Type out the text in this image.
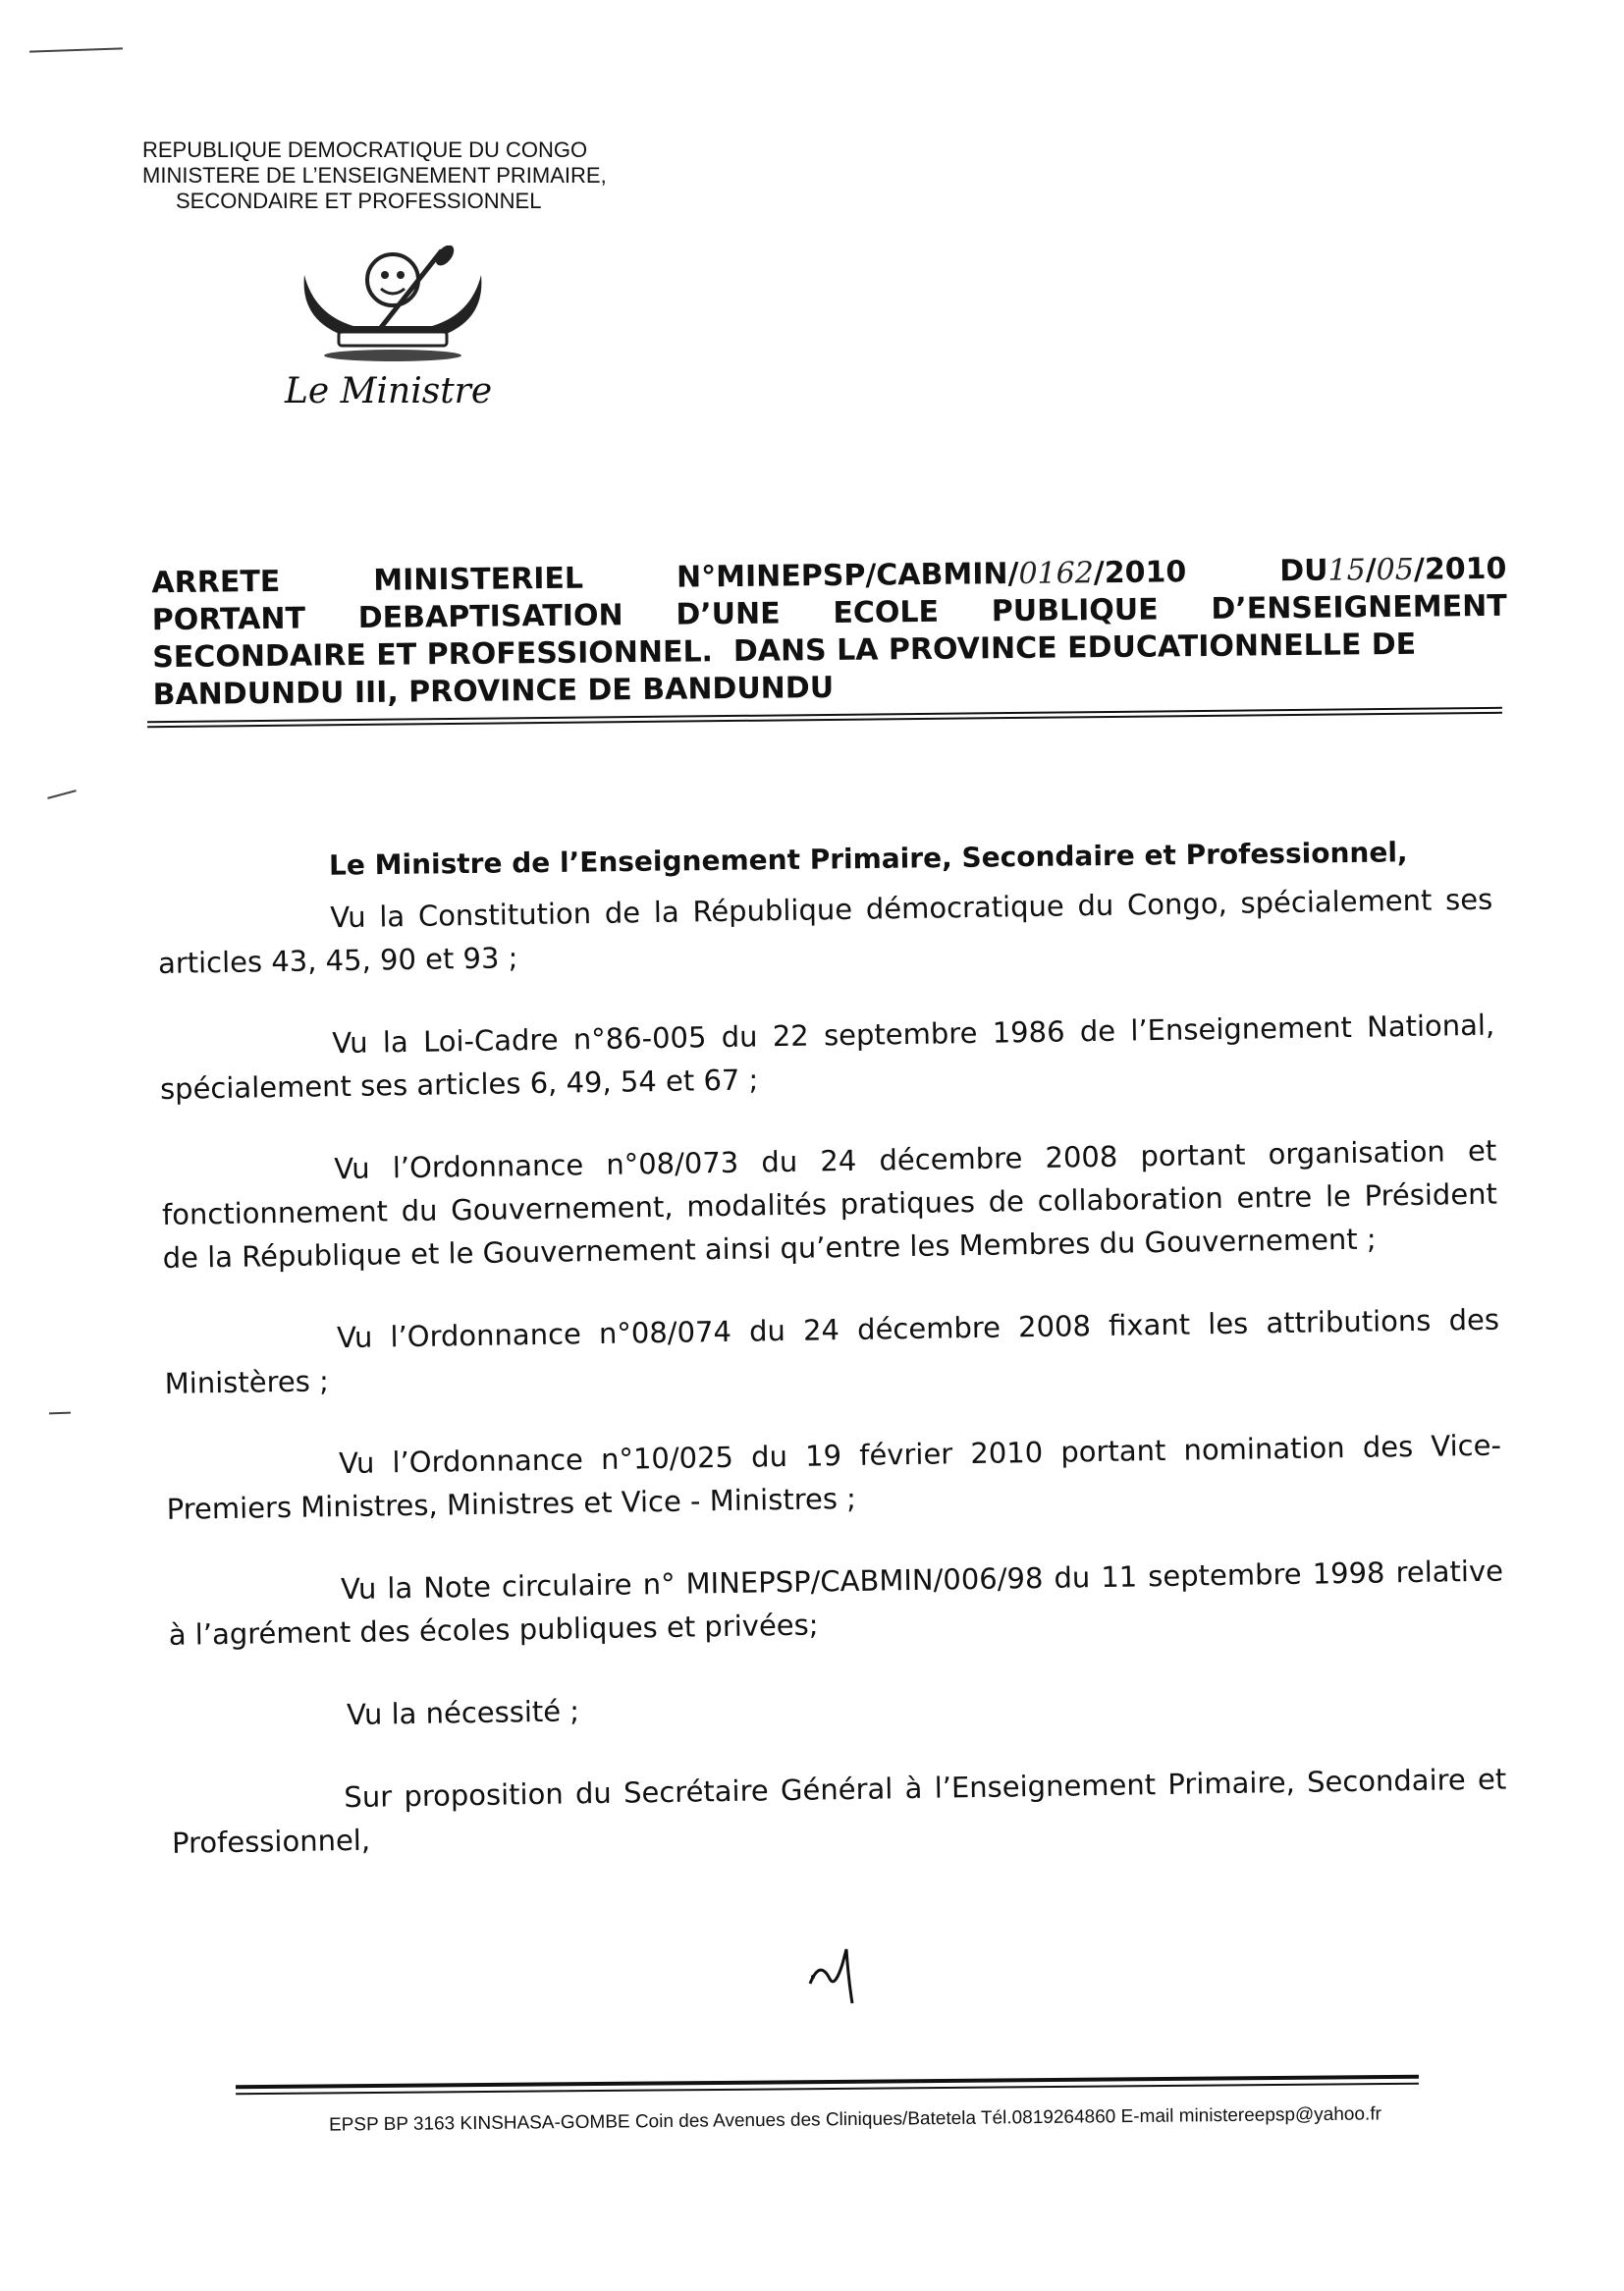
REPUBLIQUE DEMOCRATIQUE DU CONGO
MINISTERE DE L’ENSEIGNEMENT PRIMAIRE,
SECONDAIRE ET PROFESSIONNEL
Le Ministre
ARRETE	MINISTERIEL	N°MINEPSP/CABMIN/0162/2010	DU15/05/2010
PORTANT DEBAPTISATION D’UNE ECOLE PUBLIQUE D’ENSEIGNEMENT
SECONDAIRE ET PROFESSIONNEL.  DANS LA PROVINCE EDUCATIONNELLE DE
BANDUNDU III, PROVINCE DE BANDUNDU
Le Ministre de l’Enseignement Primaire, Secondaire et Professionnel,

Vu la Constitution de la République démocratique du Congo, spécialement ses articles 43, 45, 90 et 93 ;

Vu la Loi-Cadre n°86-005 du 22 septembre 1986 de l’Enseignement National, spécialement ses articles 6, 49, 54 et 67 ;

Vu l’Ordonnance n°08/073 du 24 décembre 2008 portant organisation et fonctionnement du Gouvernement, modalités pratiques de collaboration entre le Président de la République et le Gouvernement ainsi qu’entre les Membres du Gouvernement ;

Vu l’Ordonnance n°08/074 du 24 décembre 2008 fixant les attributions des Ministères ;

Vu l’Ordonnance n°10/025 du 19 février 2010 portant nomination des Vice-Premiers Ministres, Ministres et Vice - Ministres ;

Vu la Note circulaire n° MINEPSP/CABMIN/006/98 du 11 septembre 1998 relative à l’agrément des écoles publiques et privées;

Vu la nécessité ;

Sur proposition du Secrétaire Général à l’Enseignement Primaire, Secondaire et Professionnel,

EPSP BP 3163 KINSHASA-GOMBE Coin des Avenues des Cliniques/Batetela Tél.0819264860 E-mail ministereepsp@yahoo.fr
